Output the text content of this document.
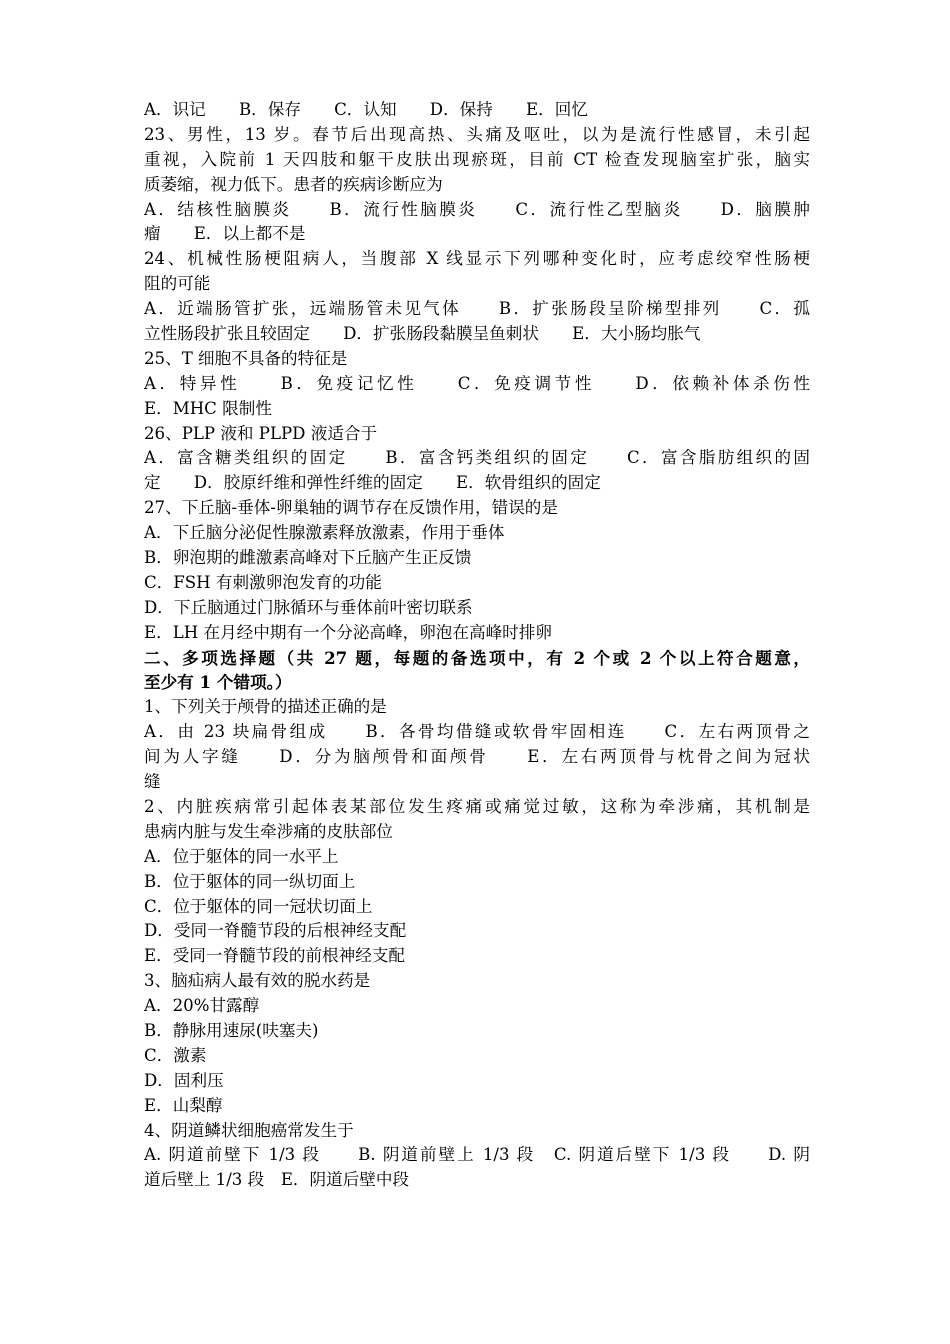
A．识记　　B．保存　　C．认知　　D．保持　　E．回忆
23、男性，13 岁。春节后出现高热、头痛及呕吐，以为是流行性感冒，未引起
重视，入院前 1 天四肢和躯干皮肤出现瘀斑，目前 CT 检查发现脑室扩张，脑实
质萎缩，视力低下。患者的疾病诊断应为
A．结核性脑膜炎　　B．流行性脑膜炎　　C．流行性乙型脑炎　　D．脑膜肿
瘤　　E．以上都不是
24、机械性肠梗阻病人，当腹部 X 线显示下列哪种变化时，应考虑绞窄性肠梗
阻的可能
A．近端肠管扩张，远端肠管未见气体　　B．扩张肠段呈阶梯型排列　　C．孤
立性肠段扩张且较固定　　D．扩张肠段黏膜呈鱼刺状　　E．大小肠均胀气
25、T 细胞不具备的特征是
A．特异性　　B．免疫记忆性　　C．免疫调节性　　D．依赖补体杀伤性
E．MHC 限制性
26、PLP 液和 PLPD 液适合于
A．富含糖类组织的固定　　B．富含钙类组织的固定　　C．富含脂肪组织的固
定　　D．胶原纤维和弹性纤维的固定　　E．软骨组织的固定
27、下丘脑-垂体-卵巢轴的调节存在反馈作用，错误的是
A．下丘脑分泌促性腺激素释放激素，作用于垂体
B．卵泡期的雌激素高峰对下丘脑产生正反馈
C．FSH 有刺激卵泡发育的功能
D．下丘脑通过门脉循环与垂体前叶密切联系
E．LH 在月经中期有一个分泌高峰，卵泡在高峰时排卵
二、多项选择题（共 27 题，每题的备选项中，有 2 个或 2 个以上符合题意，
至少有 1 个错项。）
1、下列关于颅骨的描述正确的是
A．由 23 块扁骨组成　　B．各骨均借缝或软骨牢固相连　　C．左右两顶骨之
间为人字缝　　D．分为脑颅骨和面颅骨　　E．左右两顶骨与枕骨之间为冠状
缝
2、内脏疾病常引起体表某部位发生疼痛或痛觉过敏，这称为牵涉痛，其机制是
患病内脏与发生牵涉痛的皮肤部位
A．位于躯体的同一水平上
B．位于躯体的同一纵切面上
C．位于躯体的同一冠状切面上
D．受同一脊髓节段的后根神经支配
E．受同一脊髓节段的前根神经支配
3、脑疝病人最有效的脱水药是
A．20%甘露醇
B．静脉用速尿(呋塞夫)
C．激素
D．固利压
E．山梨醇
4、阴道鳞状细胞癌常发生于
A. 阴道前壁下 1/3 段　　B. 阴道前壁上 1/3 段　C. 阴道后壁下 1/3 段　　D. 阴
道后壁上 1/3 段　E．阴道后壁中段
